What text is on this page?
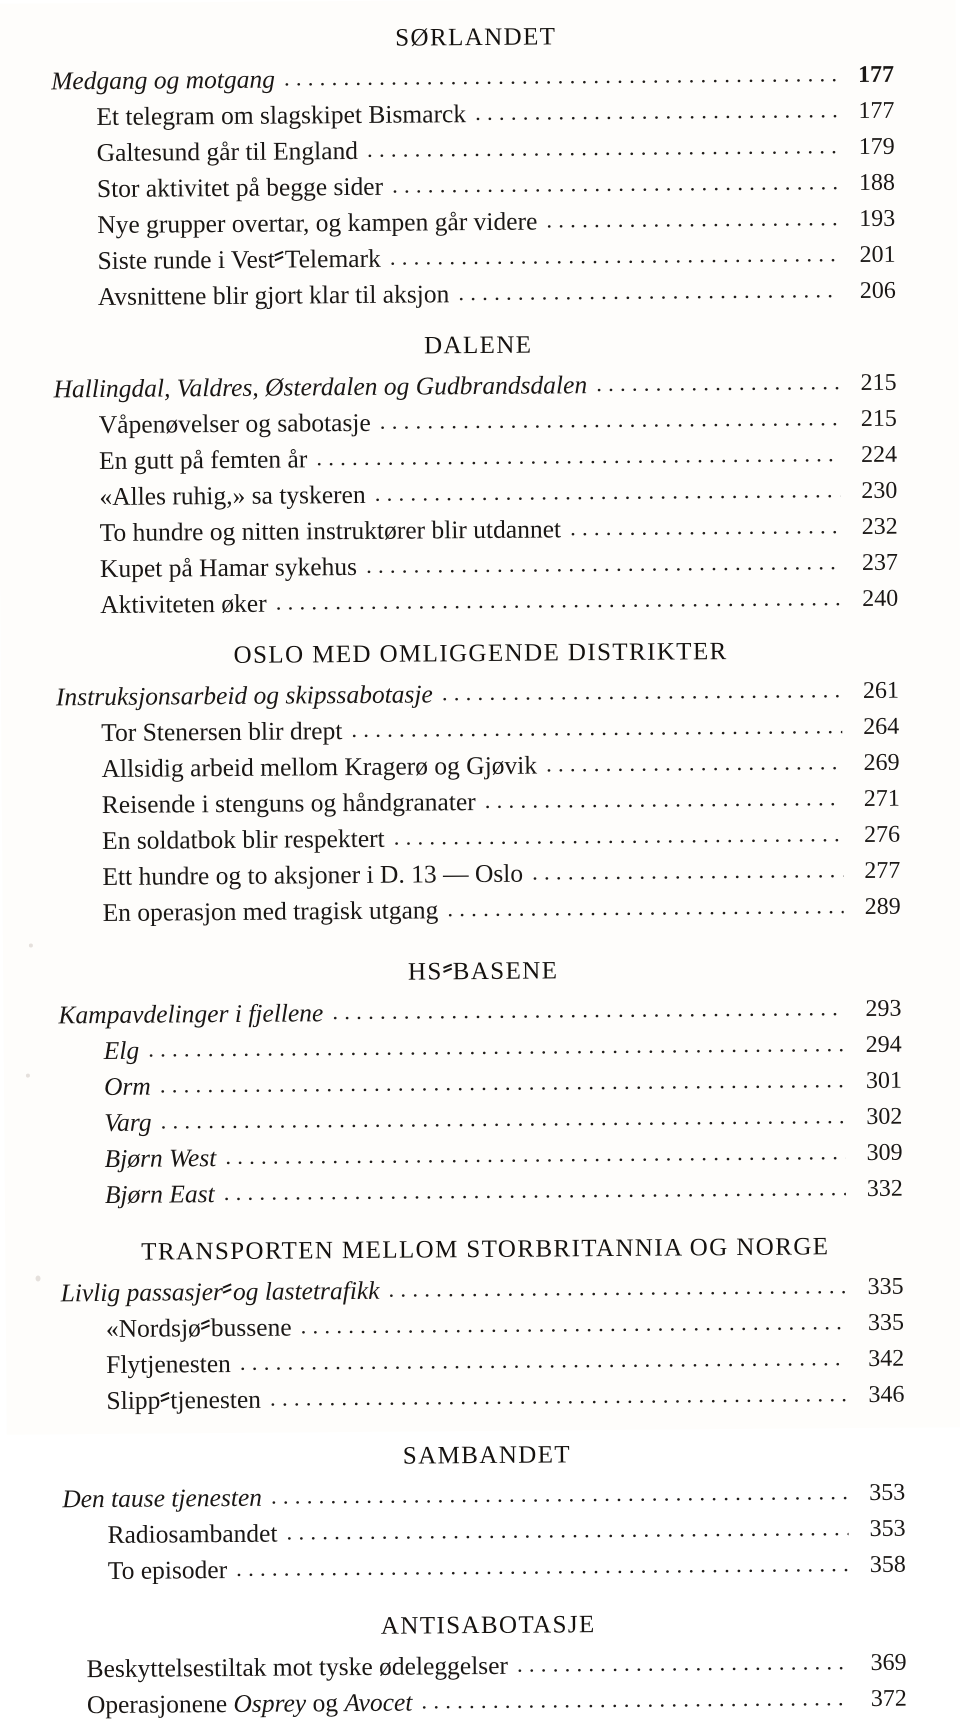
SØRLANDET
Medgang og motgang . . .	177
Et telegram om slagskipet Bismarck . . .	177
Galtesund går til England . . .	179
Stor aktivitet på begge sider . . .	188
Nye grupper overtar, og kampen går videre . . .	193
Siste runde i Vest Telemark . . .	201
Avsnittene blir gjort klar til aksjon . . .	206
DALENE
Hallingdal, Valdres, Østerdalen og Gudbrandsdalen . . .	215
Våpenøvelser og sabotasje . . .	215
En gutt på femten år . . .	224
«Alles ruhig,» sa tyskeren . . .	230
To hundre og nitten instruktører blir utdannet . . .	232
Kupet på Hamar sykehus . . .	237
Aktiviteten øker . . .	240
OSLO MED OMLIGGENDE DISTRIKTER
Instruksjonsarbeid og skipssabotasje . . .	261
Tor Stenersen blir drept . . .	264
Allsidig arbeid mellom Kragerø og Gjøvik . . .	269
Reisende i stenguns og håndgranater . . .	271
En soldatbok blir respektert . . .	276
Ett hundre og to aksjoner i D. 13 — Oslo . . .	277
En operasjon med tragisk utgang . . .	289
HS BASENE
Kampavdelinger i fjellene . . .	293
Elg . . .	294
Orm . . .	301
Varg . . .	302
Bjørn West . . .	309
Bjørn East . . .	332
TRANSPORTEN MELLOM STORBRITANNIA OG NORGE
Livlig passasjer og lastetrafikk . . .	335
«Nordsjø bussene . . .	335
Flytjenesten . . .	342
Slipp tjenesten . . .	346
SAMBANDET
Den tause tjenesten . . .	353
Radiosambandet . . .	353
To episoder . . .	358
ANTISABOTASJE
Beskyttelsestiltak mot tyske ødeleggelser . . .	369
Operasjonene Osprey og Avocet . . .	372
